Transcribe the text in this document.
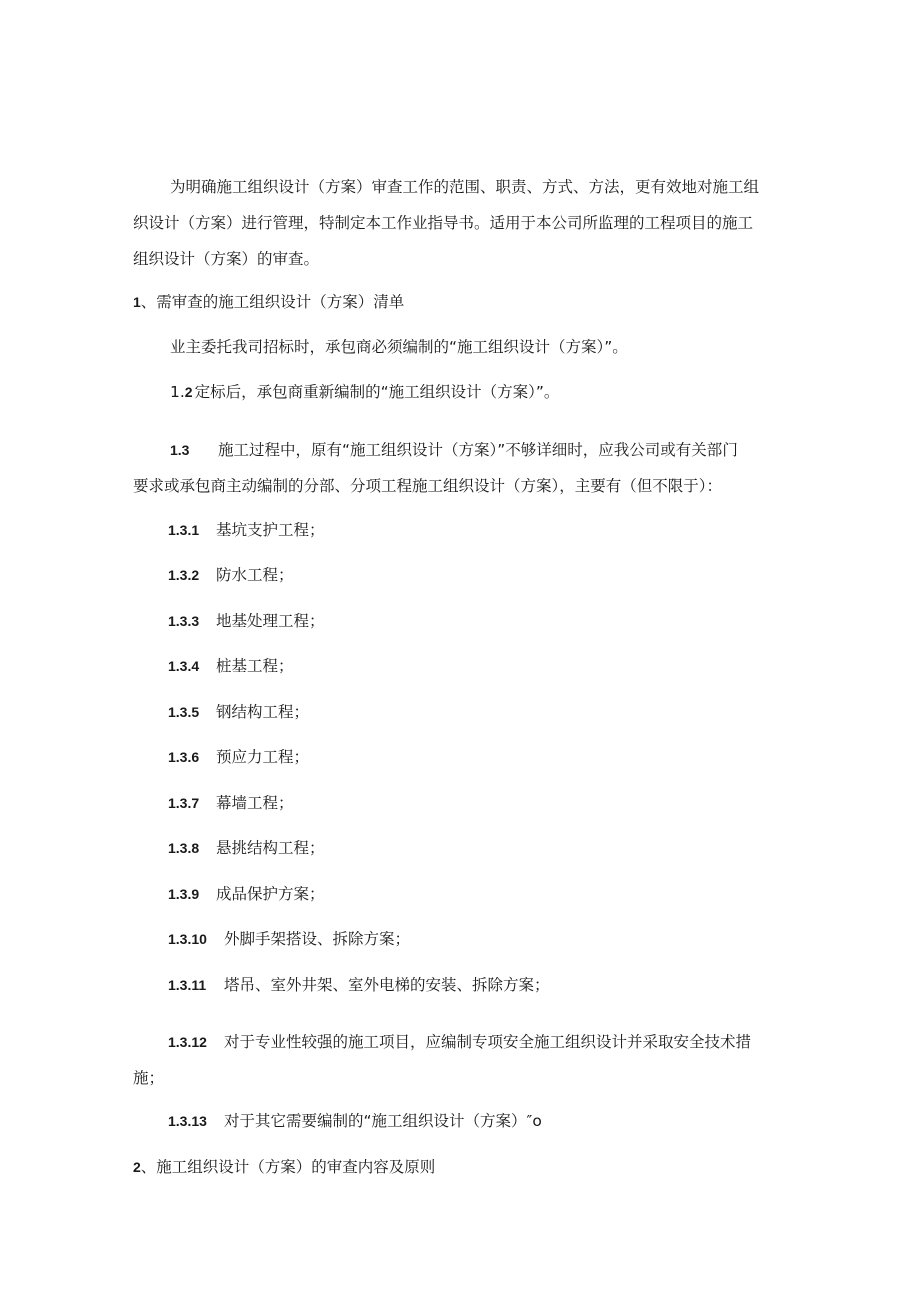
为明确施工组织设计（方案）审查工作的范围、职责、方式、方法，更有效地对施工组
织设计（方案）进行管理，特制定本工作业指导书。适用于本公司所监理的工程项目的施工
组织设计（方案）的审查。
1、需审查的施工组织设计（方案）清单
业主委托我司招标时，承包商必须编制的“施工组织设计（方案）”。
1.2 定标后，承包商重新编制的“施工组织设计（方案）”。
1.3 施工过程中，原有“施工组织设计（方案）”不够详细时，应我公司或有关部门
要求或承包商主动编制的分部、分项工程施工组织设计（方案），主要有（但不限于）：
1.3.1 基坑支护工程；
1.3.2 防水工程；
1.3.3 地基处理工程；
1.3.4 桩基工程；
1.3.5 钢结构工程；
1.3.6 预应力工程；
1.3.7 幕墙工程；
1.3.8 悬挑结构工程；
1.3.9 成品保护方案；
1.3.10 外脚手架搭设、拆除方案；
1.3.11 塔吊、室外井架、室外电梯的安装、拆除方案；
1.3.12 对于专业性较强的施工项目，应编制专项安全施工组织设计并采取安全技术措
施；
1.3.13 对于其它需要编制的“施工组织设计（方案）″o
2、施工组织设计（方案）的审查内容及原则
